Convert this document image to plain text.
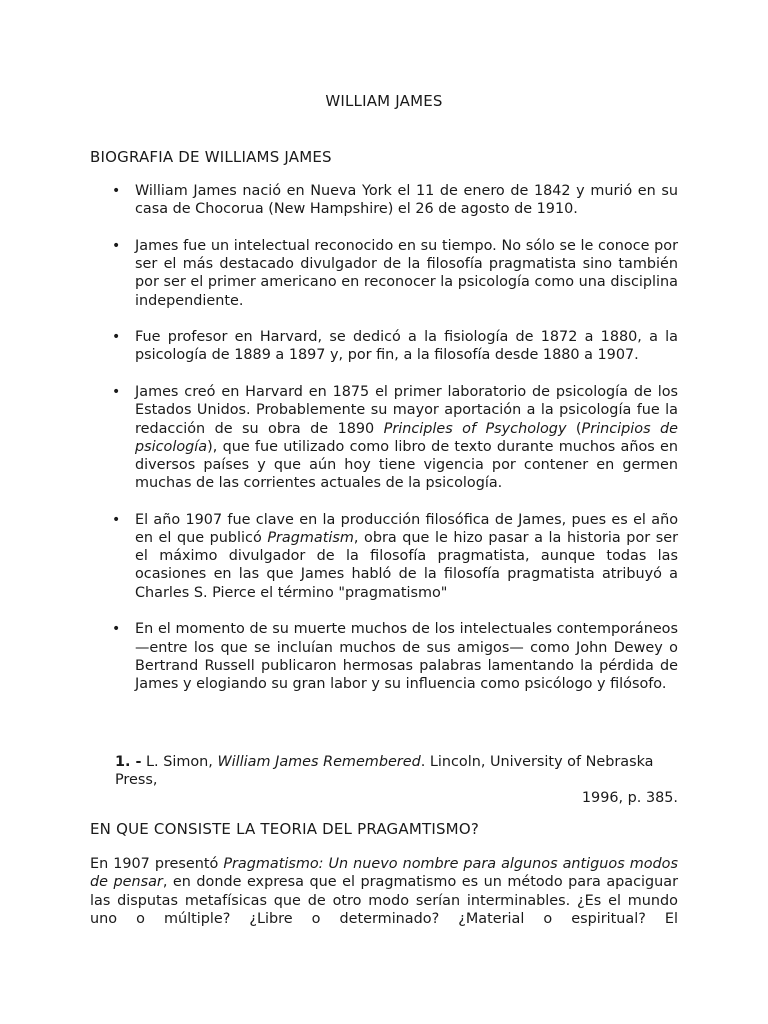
WILLIAM JAMES
BIOGRAFIA DE WILLIAMS JAMES
• William James nació en Nueva York el 11 de enero de 1842 y murió en su casa de Chocorua (New Hampshire) el 26 de agosto de 1910.
• James fue un intelectual reconocido en su tiempo. No sólo se le conoce por ser el más destacado divulgador de la filosofía pragmatista sino también por ser el primer americano en reconocer la psicología como una disciplina independiente.
• Fue profesor en Harvard, se dedicó a la fisiología de 1872 a 1880, a la psicología de 1889 a 1897 y, por fin, a la filosofía desde 1880 a 1907.
• James creó en Harvard en 1875 el primer laboratorio de psicología de los Estados Unidos. Probablemente su mayor aportación a la psicología fue la redacción de su obra de 1890 Principles of Psychology (Principios de psicología), que fue utilizado como libro de texto durante muchos años en diversos países y que aún hoy tiene vigencia por contener en germen muchas de las corrientes actuales de la psicología.
• El año 1907 fue clave en la producción filosófica de James, pues es el año en el que publicó Pragmatism, obra que le hizo pasar a la historia por ser el máximo divulgador de la filosofía pragmatista, aunque todas las ocasiones en las que James habló de la filosofía pragmatista atribuyó a Charles S. Pierce el término "pragmatismo"
• En el momento de su muerte muchos de los intelectuales contemporáneos —entre los que se incluían muchos de sus amigos— como John Dewey o Bertrand Russell publicaron hermosas palabras lamentando la pérdida de James y elogiando su gran labor y su influencia como psicólogo y filósofo.
1. - L. Simon, William James Remembered. Lincoln, University of Nebraska Press,
1996, p. 385.
EN QUE CONSISTE LA TEORIA DEL PRAGAMTISMO?
En 1907 presentó Pragmatismo: Un nuevo nombre para algunos antiguos modos de pensar, en donde expresa que el pragmatismo es un método para apaciguar las disputas metafísicas que de otro modo serían interminables. ¿Es el mundo uno o múltiple? ¿Libre o determinado? ¿Material o espiritual? El
